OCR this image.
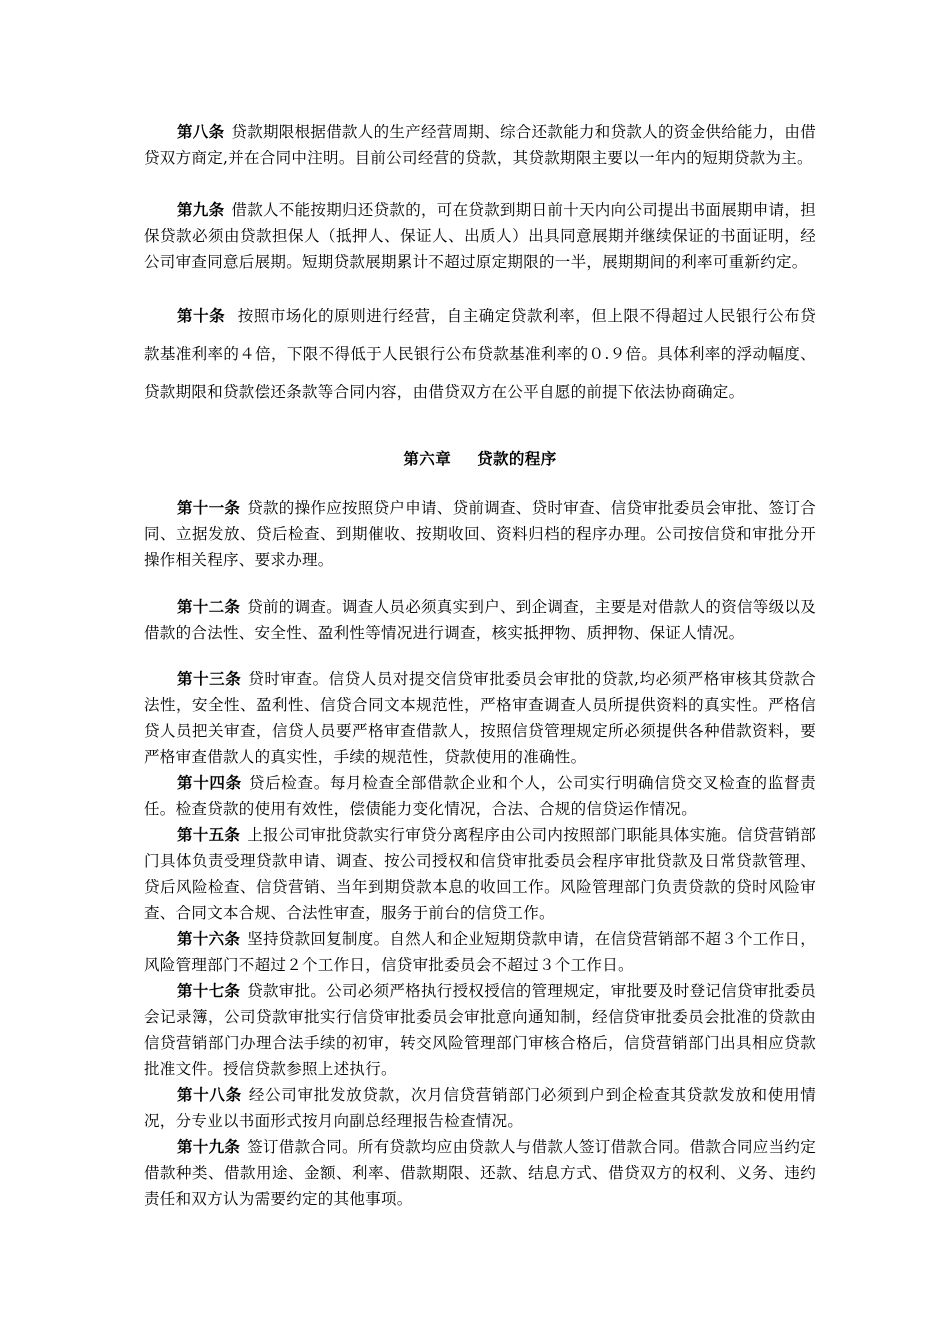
第八条 贷款期限根据借款人的生产经营周期、综合还款能力和贷款人的资金供给能力，由借贷双方商定,并在合同中注明。目前公司经营的贷款，其贷款期限主要以一年内的短期贷款为主。

第九条 借款人不能按期归还贷款的，可在贷款到期日前十天内向公司提出书面展期申请，担保贷款必须由贷款担保人（抵押人、保证人、出质人）出具同意展期并继续保证的书面证明，经公司审查同意后展期。短期贷款展期累计不超过原定期限的一半，展期期间的利率可重新约定。

第十条 按照市场化的原则进行经营，自主确定贷款利率，但上限不得超过人民银行公布贷款基准利率的４倍，下限不得低于人民银行公布贷款基准利率的０.９倍。具体利率的浮动幅度、贷款期限和贷款偿还条款等合同内容，由借贷双方在公平自愿的前提下依法协商确定。

第六章 贷款的程序

第十一条 贷款的操作应按照贷户申请、贷前调查、贷时审查、信贷审批委员会审批、签订合同、立据发放、贷后检查、到期催收、按期收回、资料归档的程序办理。公司按信贷和审批分开操作相关程序、要求办理。

第十二条 贷前的调查。调查人员必须真实到户、到企调查，主要是对借款人的资信等级以及借款的合法性、安全性、盈利性等情况进行调查，核实抵押物、质押物、保证人情况。

第十三条 贷时审查。信贷人员对提交信贷审批委员会审批的贷款,均必须严格审核其贷款合法性，安全性、盈利性、信贷合同文本规范性，严格审查调查人员所提供资料的真实性。严格信贷人员把关审查，信贷人员要严格审查借款人，按照信贷管理规定所必须提供各种借款资料，要严格审查借款人的真实性，手续的规范性，贷款使用的准确性。

第十四条 贷后检查。每月检查全部借款企业和个人，公司实行明确信贷交叉检查的监督责任。检查贷款的使用有效性，偿债能力变化情况，合法、合规的信贷运作情况。

第十五条 上报公司审批贷款实行审贷分离程序由公司内按照部门职能具体实施。信贷营销部门具体负责受理贷款申请、调查、按公司授权和信贷审批委员会程序审批贷款及日常贷款管理、贷后风险检查、信贷营销、当年到期贷款本息的收回工作。风险管理部门负责贷款的贷时风险审查、合同文本合规、合法性审查，服务于前台的信贷工作。

第十六条 坚持贷款回复制度。自然人和企业短期贷款申请，在信贷营销部不超３个工作日，风险管理部门不超过２个工作日，信贷审批委员会不超过３个工作日。

第十七条 贷款审批。公司必须严格执行授权授信的管理规定，审批要及时登记信贷审批委员会记录簿，公司贷款审批实行信贷审批委员会审批意向通知制，经信贷审批委员会批准的贷款由信贷营销部门办理合法手续的初审，转交风险管理部门审核合格后，信贷营销部门出具相应贷款批准文件。授信贷款参照上述执行。

第十八条 经公司审批发放贷款，次月信贷营销部门必须到户到企检查其贷款发放和使用情况，分专业以书面形式按月向副总经理报告检查情况。

第十九条 签订借款合同。所有贷款均应由贷款人与借款人签订借款合同。借款合同应当约定借款种类、借款用途、金额、利率、借款期限、还款、结息方式、借贷双方的权利、义务、违约责任和双方认为需要约定的其他事项。
